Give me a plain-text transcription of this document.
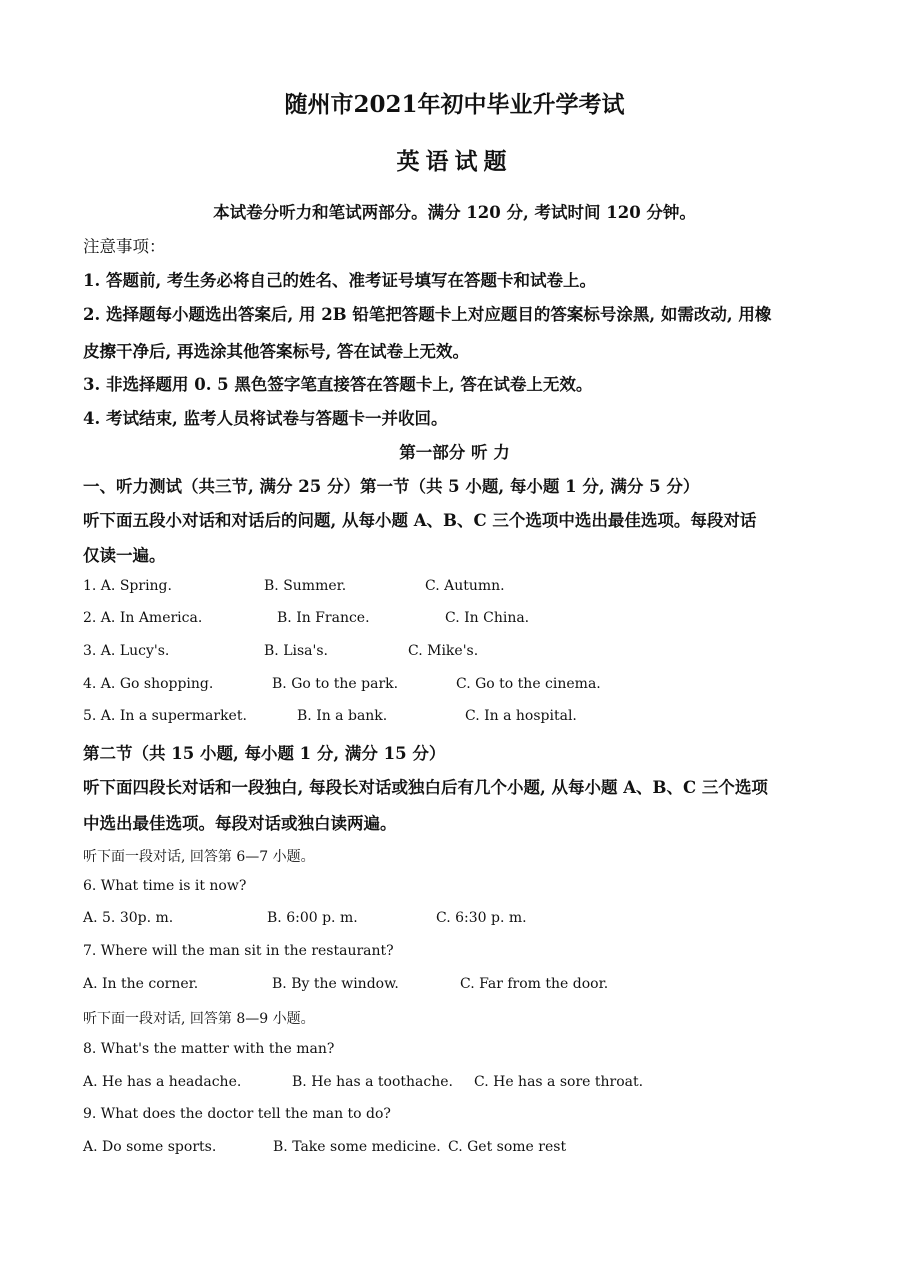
随州市2021年初中毕业升学考试
英语试题
本试卷分听力和笔试两部分。满分 120 分, 考试时间 120 分钟。
注意事项：
1. 答题前, 考生务必将自己的姓名、准考证号填写在答题卡和试卷上。
2. 选择题每小题选出答案后, 用 2B 铅笔把答题卡上对应题目的答案标号涂黑, 如需改动, 用橡
皮擦干净后, 再选涂其他答案标号, 答在试卷上无效。
3. 非选择题用 0. 5 黑色签字笔直接答在答题卡上, 答在试卷上无效。
4. 考试结束, 监考人员将试卷与答题卡一并收回。
第一部分 听 力
一、听力测试（共三节, 满分 25 分）第一节（共 5 小题, 每小题 1 分, 满分 5 分）
听下面五段小对话和对话后的问题, 从每小题 A、B、C 三个选项中选出最佳选项。每段对话
仅读一遍。
1. A. Spring.	B. Summer.	C. Autumn.
2. A. In America.	B. In France.	C. In China.
3. A. Lucy's.	B. Lisa's.	C. Mike's.
4. A. Go shopping.	B. Go to the park.	C. Go to the cinema.
5. A. In a supermarket.	B. In a bank.	C. In a hospital.
第二节（共 15 小题, 每小题 1 分, 满分 15 分）
听下面四段长对话和一段独白, 每段长对话或独白后有几个小题, 从每小题 A、B、C 三个选项
中选出最佳选项。每段对话或独白读两遍。
听下面一段对话, 回答第 6—7 小题。
6. What time is it now?
A. 5. 30p. m.	B. 6:00 p. m.	C. 6:30 p. m.
7. Where will the man sit in the restaurant?
A. In the corner.	B. By the window.	C. Far from the door.
听下面一段对话, 回答第 8—9 小题。
8. What's the matter with the man?
A. He has a headache.	B. He has a toothache. C. He has a sore throat.
9. What does the doctor tell the man to do?
A. Do some sports.	B. Take some medicine. C. Get some rest
